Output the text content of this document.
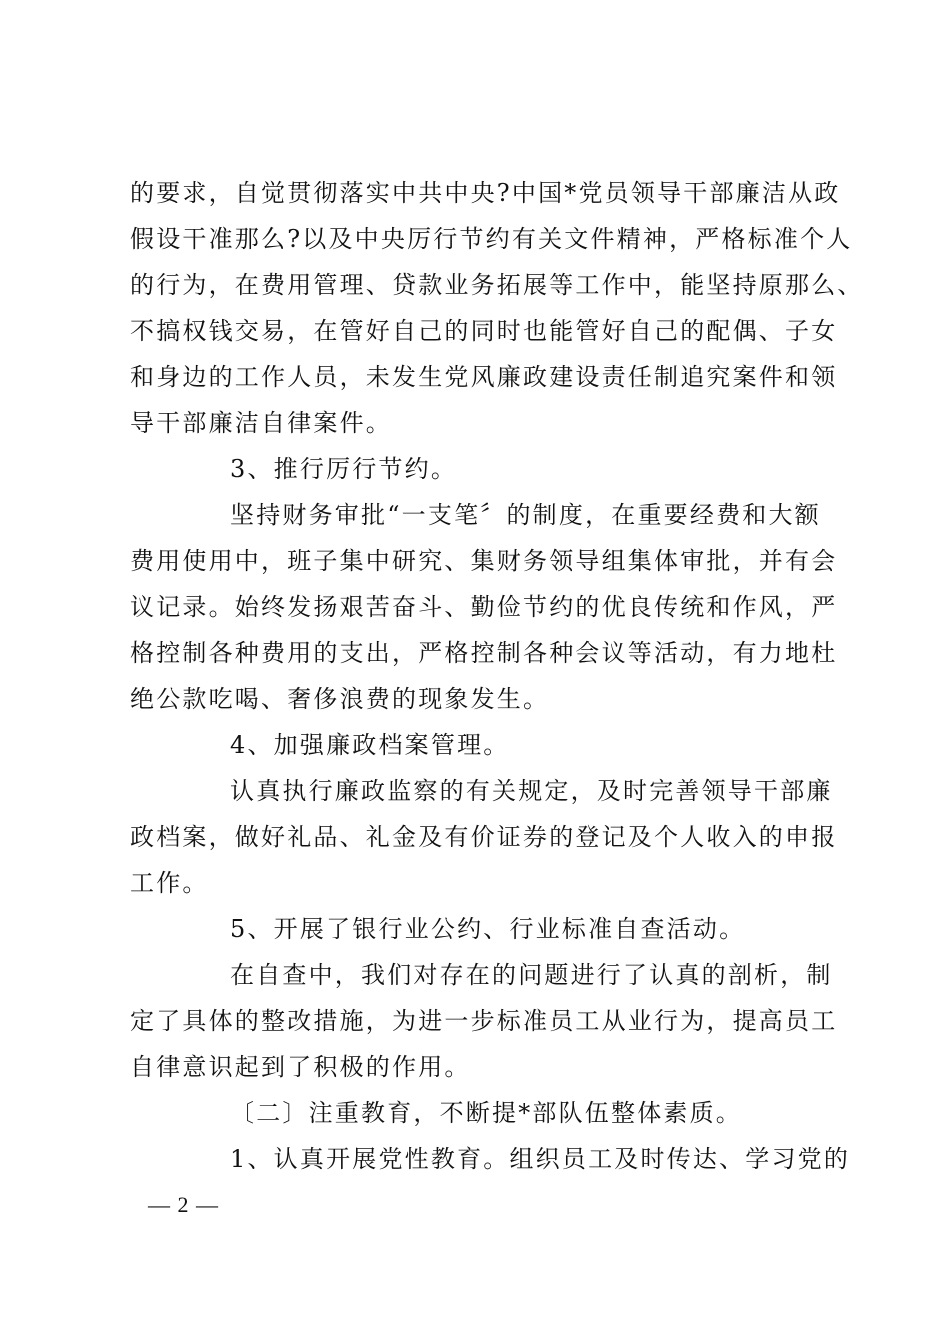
的要求，自觉贯彻落实中共中央?中国*党员领导干部廉洁从政
假设干准那么?以及中央厉行节约有关文件精神，严格标准个人
的行为，在费用管理、贷款业务拓展等工作中，能坚持原那么、
不搞权钱交易，在管好自己的同时也能管好自己的配偶、子女
和身边的工作人员，未发生党风廉政建设责任制追究案件和领
导干部廉洁自律案件。
3、推行厉行节约。
坚持财务审批“一支笔〞的制度，在重要经费和大额
费用使用中，班子集中研究、集财务领导组集体审批，并有会
议记录。始终发扬艰苦奋斗、勤俭节约的优良传统和作风，严
格控制各种费用的支出，严格控制各种会议等活动，有力地杜
绝公款吃喝、奢侈浪费的现象发生。
4、加强廉政档案管理。
认真执行廉政监察的有关规定，及时完善领导干部廉
政档案，做好礼品、礼金及有价证券的登记及个人收入的申报
工作。
5、开展了银行业公约、行业标准自查活动。
在自查中，我们对存在的问题进行了认真的剖析，制
定了具体的整改措施，为进一步标准员工从业行为，提高员工
自律意识起到了积极的作用。
〔二〕注重教育，不断提*部队伍整体素质。
1、认真开展党性教育。组织员工及时传达、学习党的
— 2 —
